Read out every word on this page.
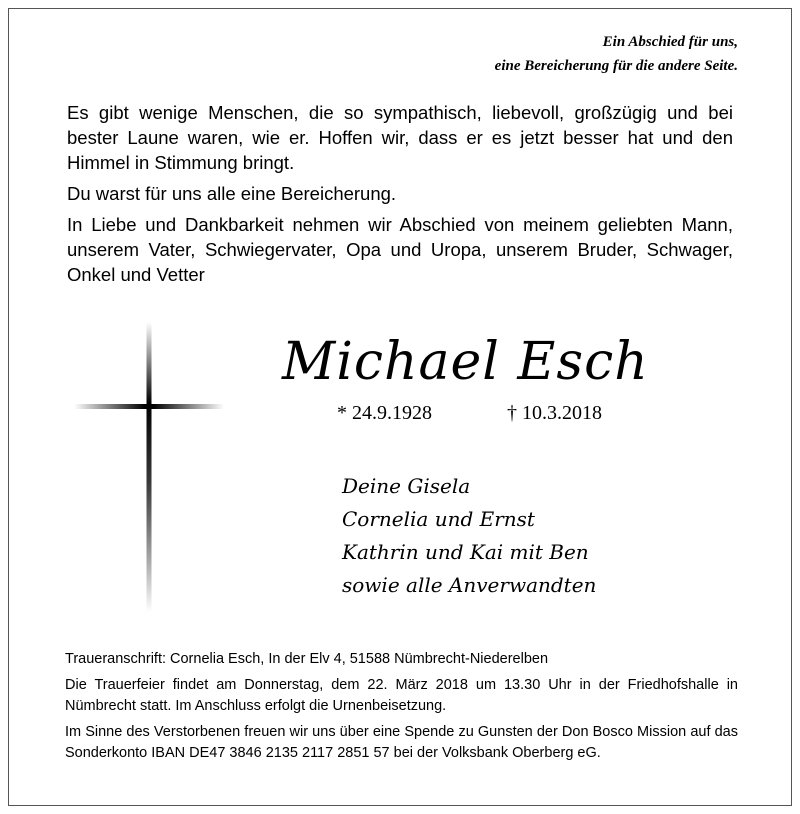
Ein Abschied für uns,
eine Bereicherung für die andere Seite.

Es gibt wenige Menschen, die so sympathisch, liebevoll, großzügig und bei bester Laune waren, wie er. Hoffen wir, dass er es jetzt besser hat und den Himmel in Stimmung bringt.

Du warst für uns alle eine Bereicherung.

In Liebe und Dankbarkeit nehmen wir Abschied von meinem geliebten Mann, unserem Vater, Schwiegervater, Opa und Uropa, unserem Bruder, Schwager, Onkel und Vetter

Michael Esch
* 24.9.1928	† 10.3.2018
Deine Gisela
Cornelia und Ernst
Kathrin und Kai mit Ben
sowie alle Anverwandten

Traueranschrift: Cornelia Esch, In der Elv 4, 51588 Nümbrecht-Niederelben

Die Trauerfeier findet am Donnerstag, dem 22. März 2018 um 13.30 Uhr in der Friedhofshalle in Nümbrecht statt. Im Anschluss erfolgt die Urnenbeisetzung.

Im Sinne des Verstorbenen freuen wir uns über eine Spende zu Gunsten der Don Bosco Mission auf das Sonderkonto IBAN DE47 3846 2135 2117 2851 57 bei der Volksbank Oberberg eG.
